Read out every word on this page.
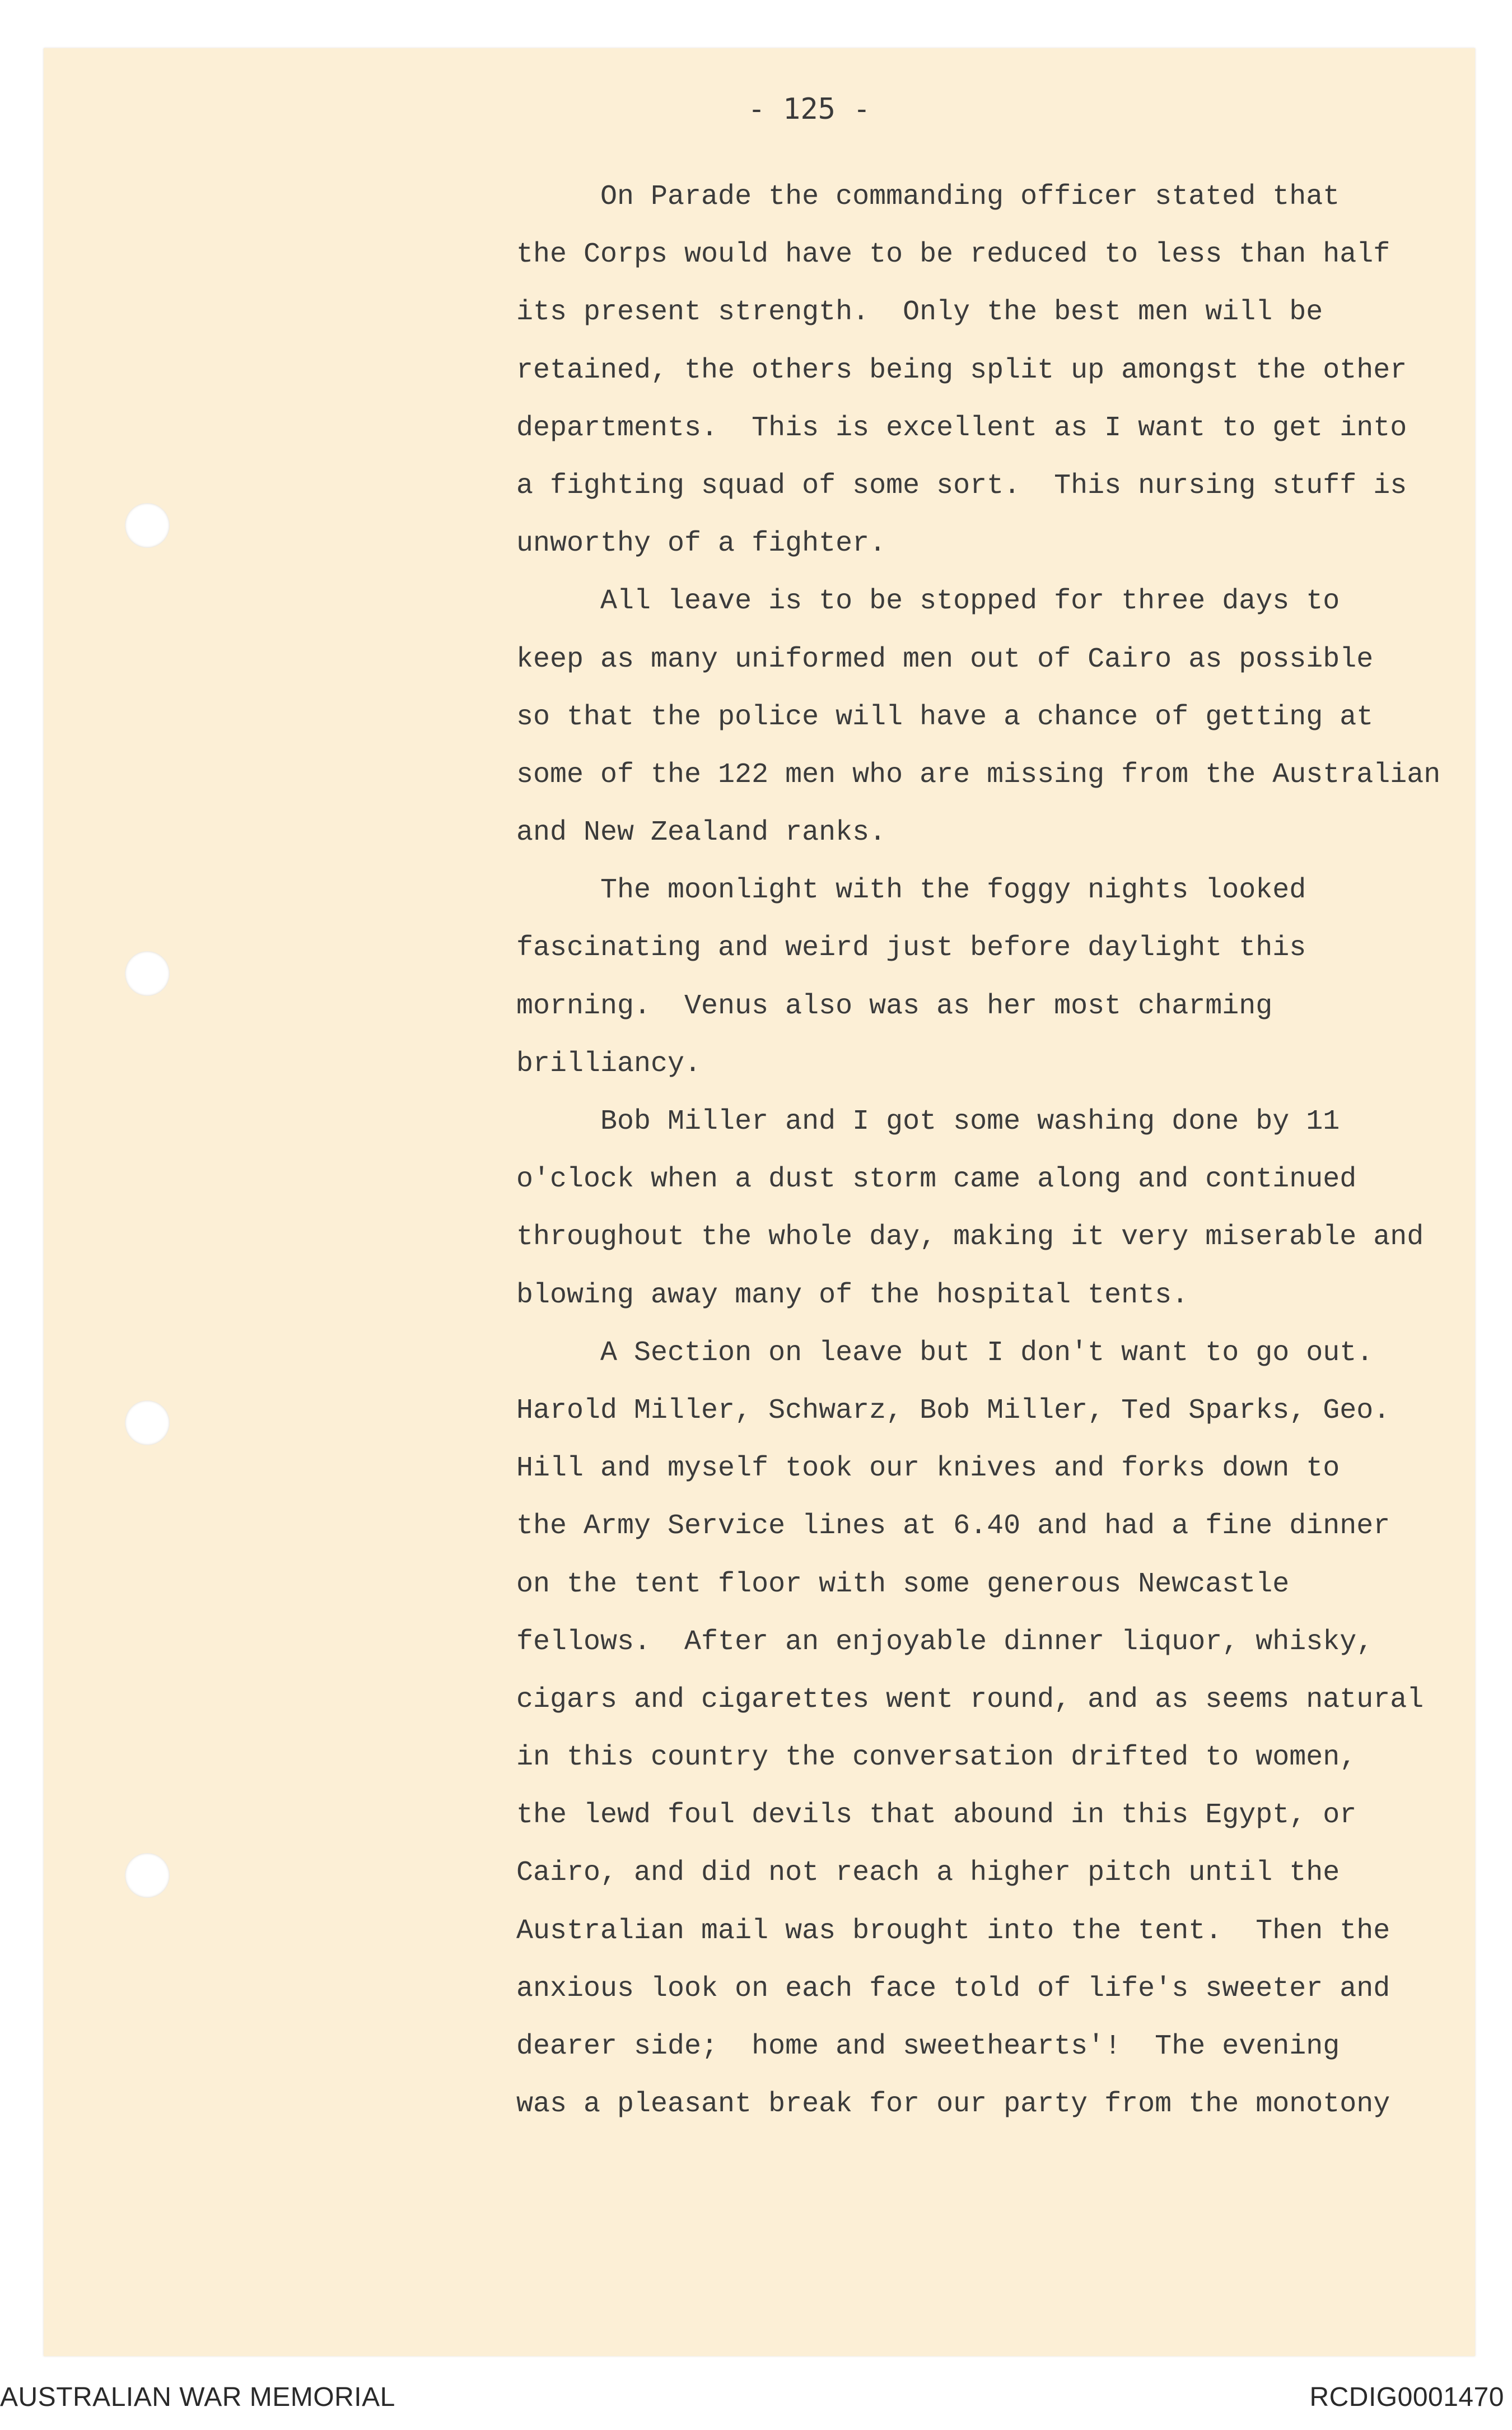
- 125 -
On Parade the commanding officer stated that
the Corps would have to be reduced to less than half
its present strength.  Only the best men will be
retained, the others being split up amongst the other
departments.  This is excellent as I want to get into
a fighting squad of some sort.  This nursing stuff is
unworthy of a fighter.
All leave is to be stopped for three days to
keep as many uniformed men out of Cairo as possible
so that the police will have a chance of getting at
some of the 122 men who are missing from the Australian
and New Zealand ranks.
The moonlight with the foggy nights looked
fascinating and weird just before daylight this
morning.  Venus also was as her most charming
brilliancy.
Bob Miller and I got some washing done by 11
o'clock when a dust storm came along and continued
throughout the whole day, making it very miserable and
blowing away many of the hospital tents.
A Section on leave but I don't want to go out.
Harold Miller, Schwarz, Bob Miller, Ted Sparks, Geo.
Hill and myself took our knives and forks down to
the Army Service lines at 6.40 and had a fine dinner
on the tent floor with some generous Newcastle
fellows.  After an enjoyable dinner liquor, whisky,
cigars and cigarettes went round, and as seems natural
in this country the conversation drifted to women,
the lewd foul devils that abound in this Egypt, or
Cairo, and did not reach a higher pitch until the
Australian mail was brought into the tent.  Then the
anxious look on each face told of life's sweeter and
dearer side;  home and sweethearts'!  The evening
was a pleasant break for our party from the monotony
AUSTRALIAN WAR MEMORIAL	RCDIG0001470
